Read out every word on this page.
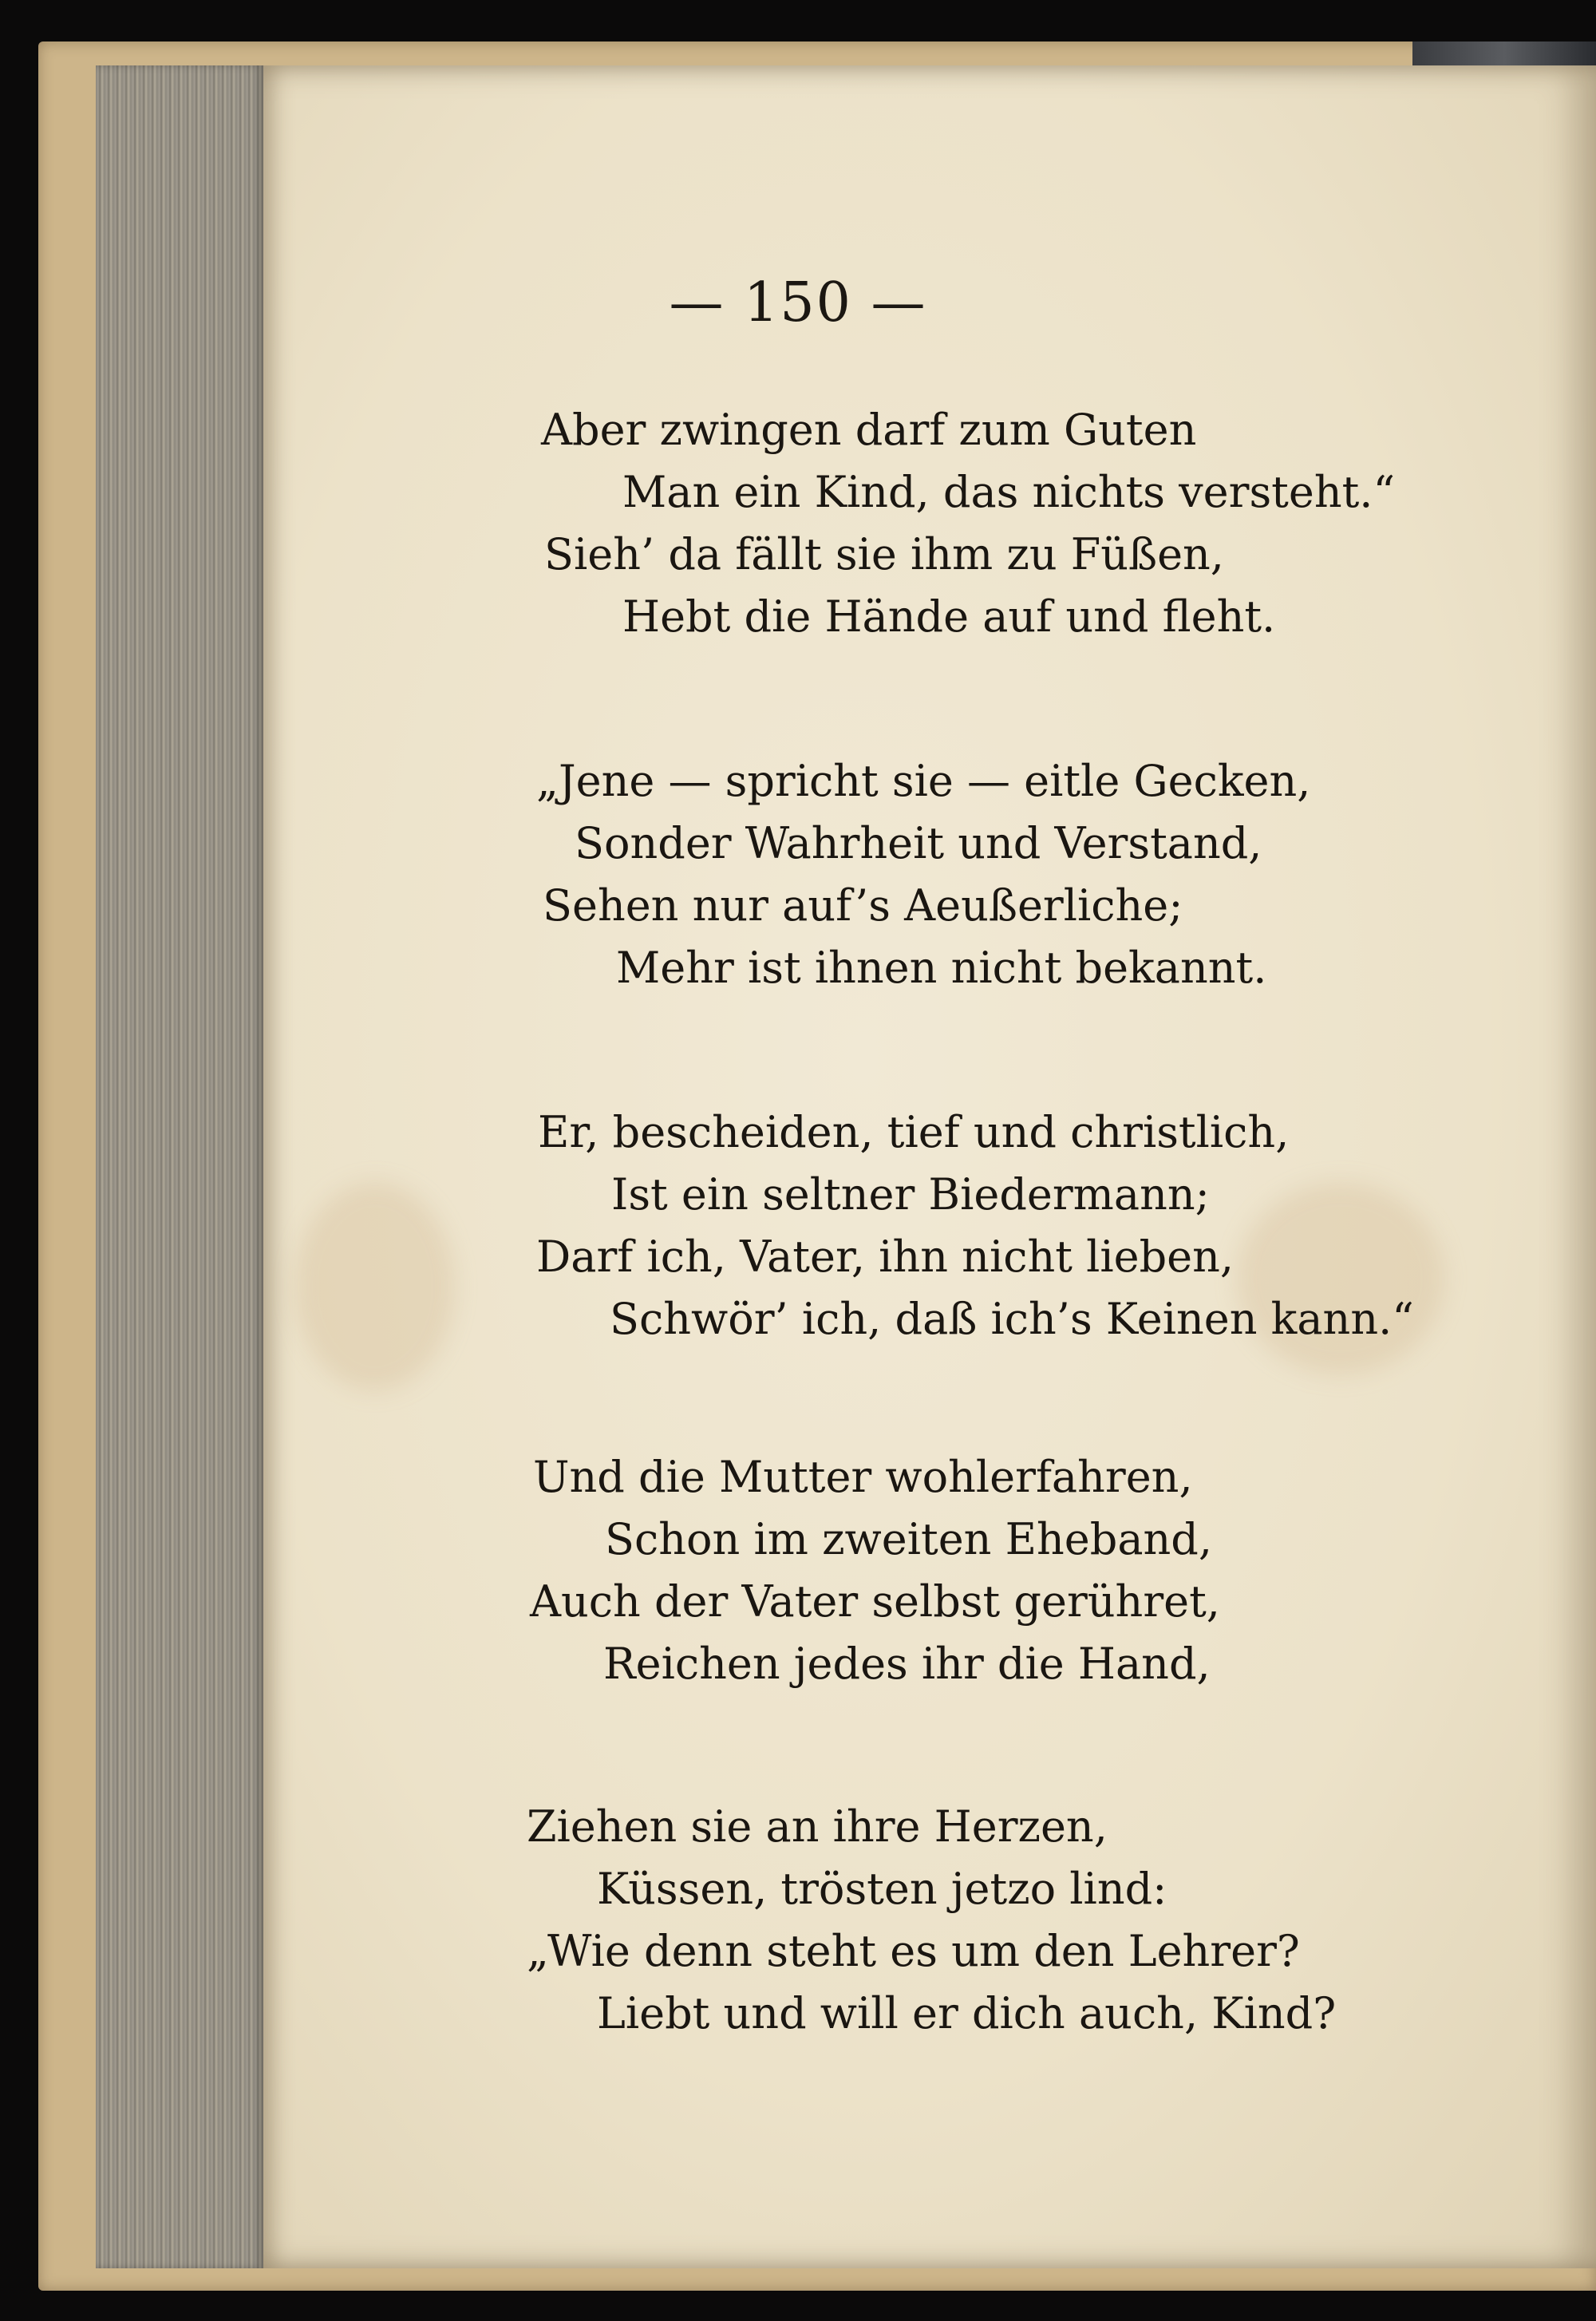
— 150 —
Aber zwingen darf zum Guten
Man ein Kind, das nichts versteht.“
Sieh’ da fällt sie ihm zu Füßen,
Hebt die Hände auf und fleht.
„Jene — spricht sie — eitle Gecken,
Sonder Wahrheit und Verstand,
Sehen nur auf’s Aeußerliche;
Mehr ist ihnen nicht bekannt.
Er, bescheiden, tief und christlich,
Ist ein seltner Biedermann;
Darf ich, Vater, ihn nicht lieben,
Schwör’ ich, daß ich’s Keinen kann.“
Und die Mutter wohlerfahren,
Schon im zweiten Eheband,
Auch der Vater selbst gerühret,
Reichen jedes ihr die Hand,
Ziehen sie an ihre Herzen,
Küssen, trösten jetzo lind:
„Wie denn steht es um den Lehrer?
Liebt und will er dich auch, Kind?
